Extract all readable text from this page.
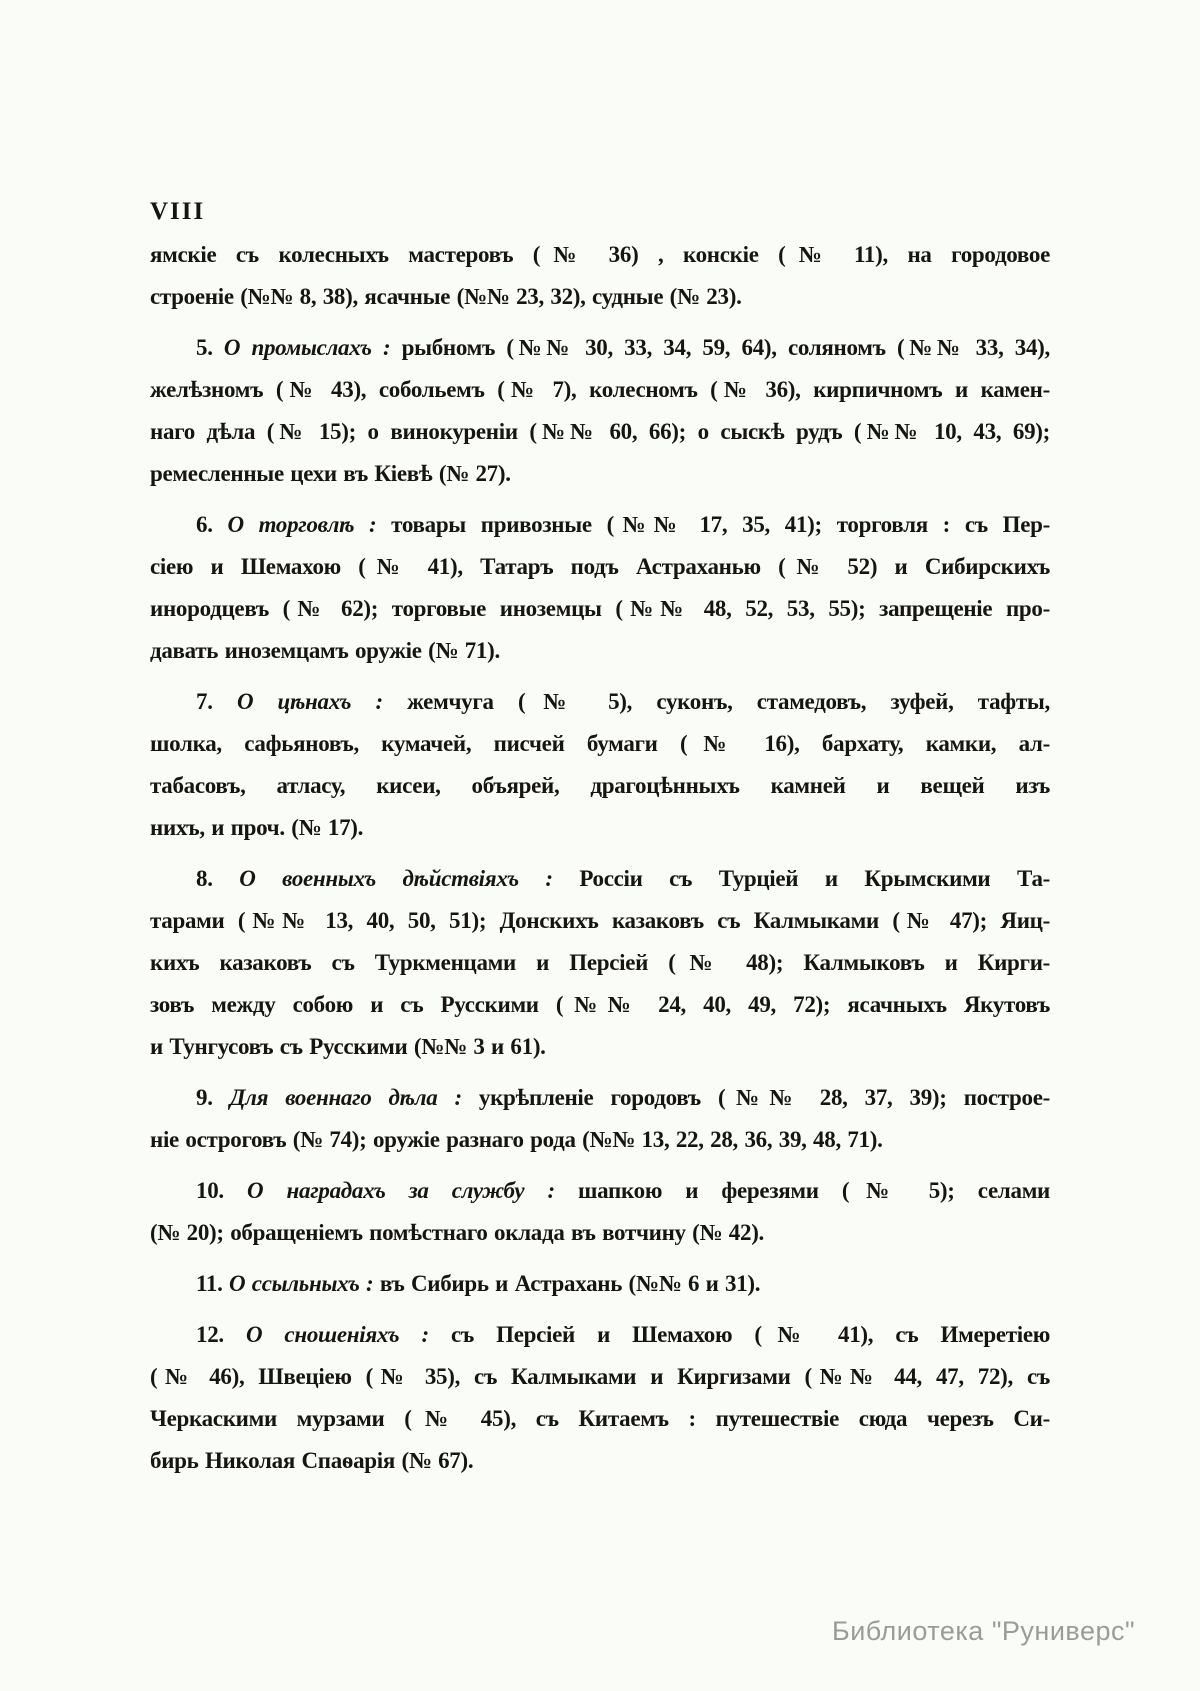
VIII
ямскіе съ колесныхъ мастеровъ (№ 36) , конскіе (№ 11), на городовое
строеніе (№№ 8, 38), ясачные (№№ 23, 32), судные (№ 23).
5. О промыслахъ : рыбномъ (№№ 30, 33, 34, 59, 64), соляномъ (№№ 33, 34),
желѣзномъ (№ 43), собольемъ (№ 7), колесномъ (№ 36), кирпичномъ и камен-
наго дѣла (№ 15); о винокуреніи (№№ 60, 66); о сыскѣ рудъ (№№ 10, 43, 69);
ремесленные цехи въ Кіевѣ (№ 27).
6. О торговлѣ : товары привозные (№№ 17, 35, 41); торговля : съ Пер-
сіею и Шемахою (№ 41), Татаръ подъ Астраханью (№ 52) и Сибирскихъ
инородцевъ (№ 62); торговые иноземцы (№№ 48, 52, 53, 55); запрещеніе про-
давать иноземцамъ оружіе (№ 71).
7. О цѣнахъ : жемчуга (№ 5), суконъ, стамедовъ, зуфей, тафты,
шолка, сафьяновъ, кумачей, писчей бумаги (№ 16), бархату, камки, ал-
табасовъ, атласу, кисеи, объярей, драгоцѣнныхъ камней и вещей изъ
нихъ, и проч. (№ 17).
8. О военныхъ дѣйствіяхъ : Россіи съ Турціей и Крымскими Та-
тарами (№№ 13, 40, 50, 51); Донскихъ казаковъ съ Калмыками (№ 47); Яиц-
кихъ казаковъ съ Туркменцами и Персіей (№ 48); Калмыковъ и Кирги-
зовъ между собою и съ Русскими (№№ 24, 40, 49, 72); ясачныхъ Якутовъ
и Тунгусовъ съ Русскими (№№ 3 и 61).
9. Для военнаго дѣла : укрѣпленіе городовъ (№№ 28, 37, 39); построе-
ніе остроговъ (№ 74); оружіе разнаго рода (№№ 13, 22, 28, 36, 39, 48, 71).
10. О наградахъ за службу : шапкою и ферезями (№ 5); селами
(№ 20); обращеніемъ помѣстнаго оклада въ вотчину (№ 42).
11. О ссыльныхъ : въ Сибирь и Астрахань (№№ 6 и 31).
12. О сношеніяхъ : съ Персіей и Шемахою (№ 41), съ Имеретіею
(№ 46), Швеціею (№ 35), съ Калмыками и Киргизами (№№ 44, 47, 72), съ
Черкаскими мурзами (№ 45), съ Китаемъ : путешествіе сюда черезъ Си-
бирь Николая Спаѳарія (№ 67).
Библиотека "Руниверс"
